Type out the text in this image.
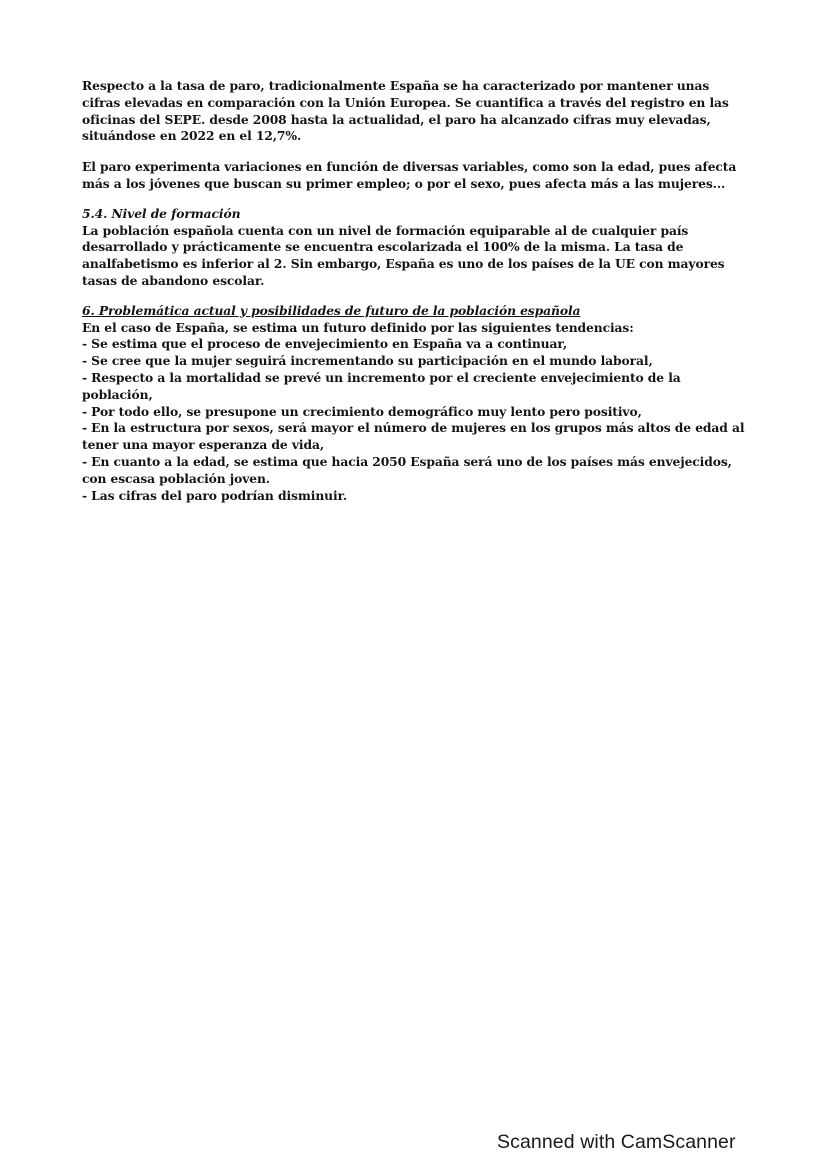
Respecto a la tasa de paro, tradicionalmente España se ha caracterizado por mantener unas cifras elevadas en comparación con la Unión Europea. Se cuantifica a través del registro en las oficinas del SEPE. desde 2008 hasta la actualidad, el paro ha alcanzado cifras muy elevadas, situándose en 2022 en el 12,7%.

El paro experimenta variaciones en función de diversas variables, como son la edad, pues afecta más a los jóvenes que buscan su primer empleo; o por el sexo, pues afecta más a las mujeres...

5.4. Nivel de formación

La población española cuenta con un nivel de formación equiparable al de cualquier país desarrollado y prácticamente se encuentra escolarizada el 100% de la misma. La tasa de analfabetismo es inferior al 2. Sin embargo, España es uno de los países de la UE con mayores tasas de abandono escolar.

6. Problemática actual y posibilidades de futuro de la población española

En el caso de España, se estima un futuro definido por las siguientes tendencias:

- Se estima que el proceso de envejecimiento en España va a continuar,
- Se cree que la mujer seguirá incrementando su participación en el mundo laboral,
- Respecto a la mortalidad se prevé un incremento por el creciente envejecimiento de la población,
- Por todo ello, se presupone un crecimiento demográfico muy lento pero positivo,
- En la estructura por sexos, será mayor el número de mujeres en los grupos más altos de edad al tener una mayor esperanza de vida,
- En cuanto a la edad, se estima que hacia 2050 España será uno de los países más envejecidos, con escasa población joven.
- Las cifras del paro podrían disminuir.
Scanned with CamScanner
